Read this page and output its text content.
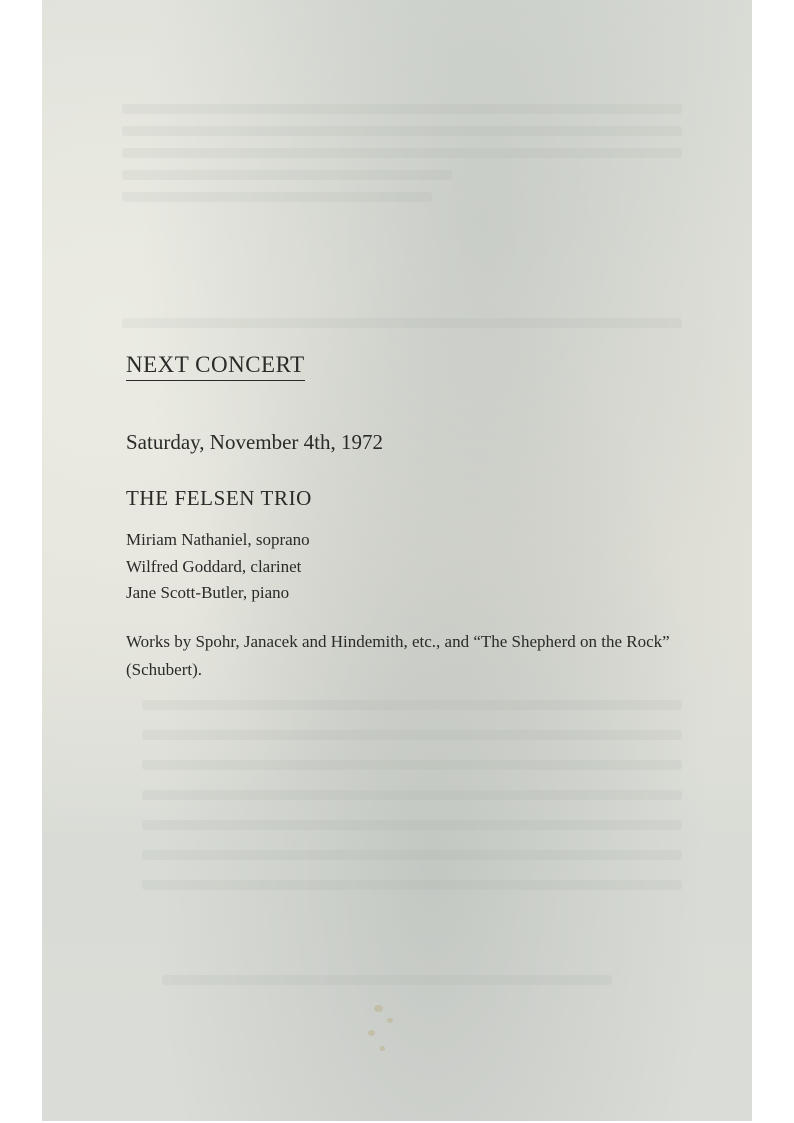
NEXT CONCERT
Saturday, November 4th, 1972
THE FELSEN TRIO
Miriam Nathaniel, soprano
Wilfred Goddard, clarinet
Jane Scott-Butler, piano
Works by Spohr, Janacek and Hindemith, etc., and “The Shepherd on the Rock” (Schubert).
